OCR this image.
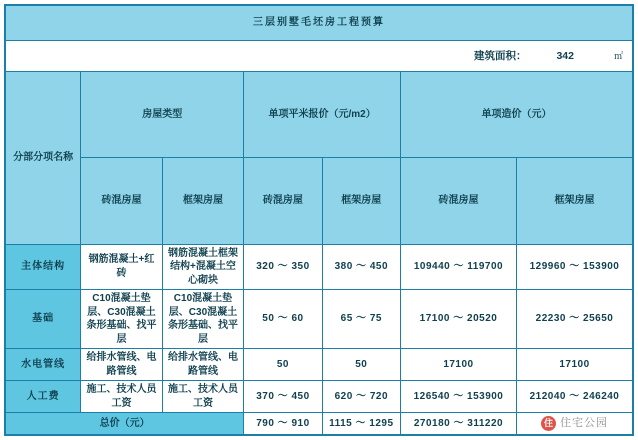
三层别墅毛坯房工程预算						

建筑面积： 342 ㎡						

分部分项名称	房屋类型		单项平米报价（元/m2）		单项造价（元）	
	砖混房屋	框架房屋	砖混房屋	框架房屋	砖混房屋	框架房屋
主体结构	钢筋混凝土+红砖	钢筋混凝土框架结构+混凝土空心砌块	320 ～ 350	380 ～ 450	109440 ～ 119700	129960 ～ 153900
基础	C10混凝土垫层、C30混凝土条形基础、找平层	C10混凝土垫层、C30混凝土条形基础、找平层	50 ～ 60	65 ～ 75	17100 ～ 20520	22230 ～ 25650
水电管线	给排水管线、电路管线	给排水管线、电路管线	50	50	17100	17100
人工费	施工、技术人员工资	施工、技术人员工资	370 ～ 450	620 ～ 720	126540 ～ 153900	212040 ～ 246240
总价（元）			790 ～ 910	1115 ～ 1295	270180 ～ 311220	住 住宅公园
